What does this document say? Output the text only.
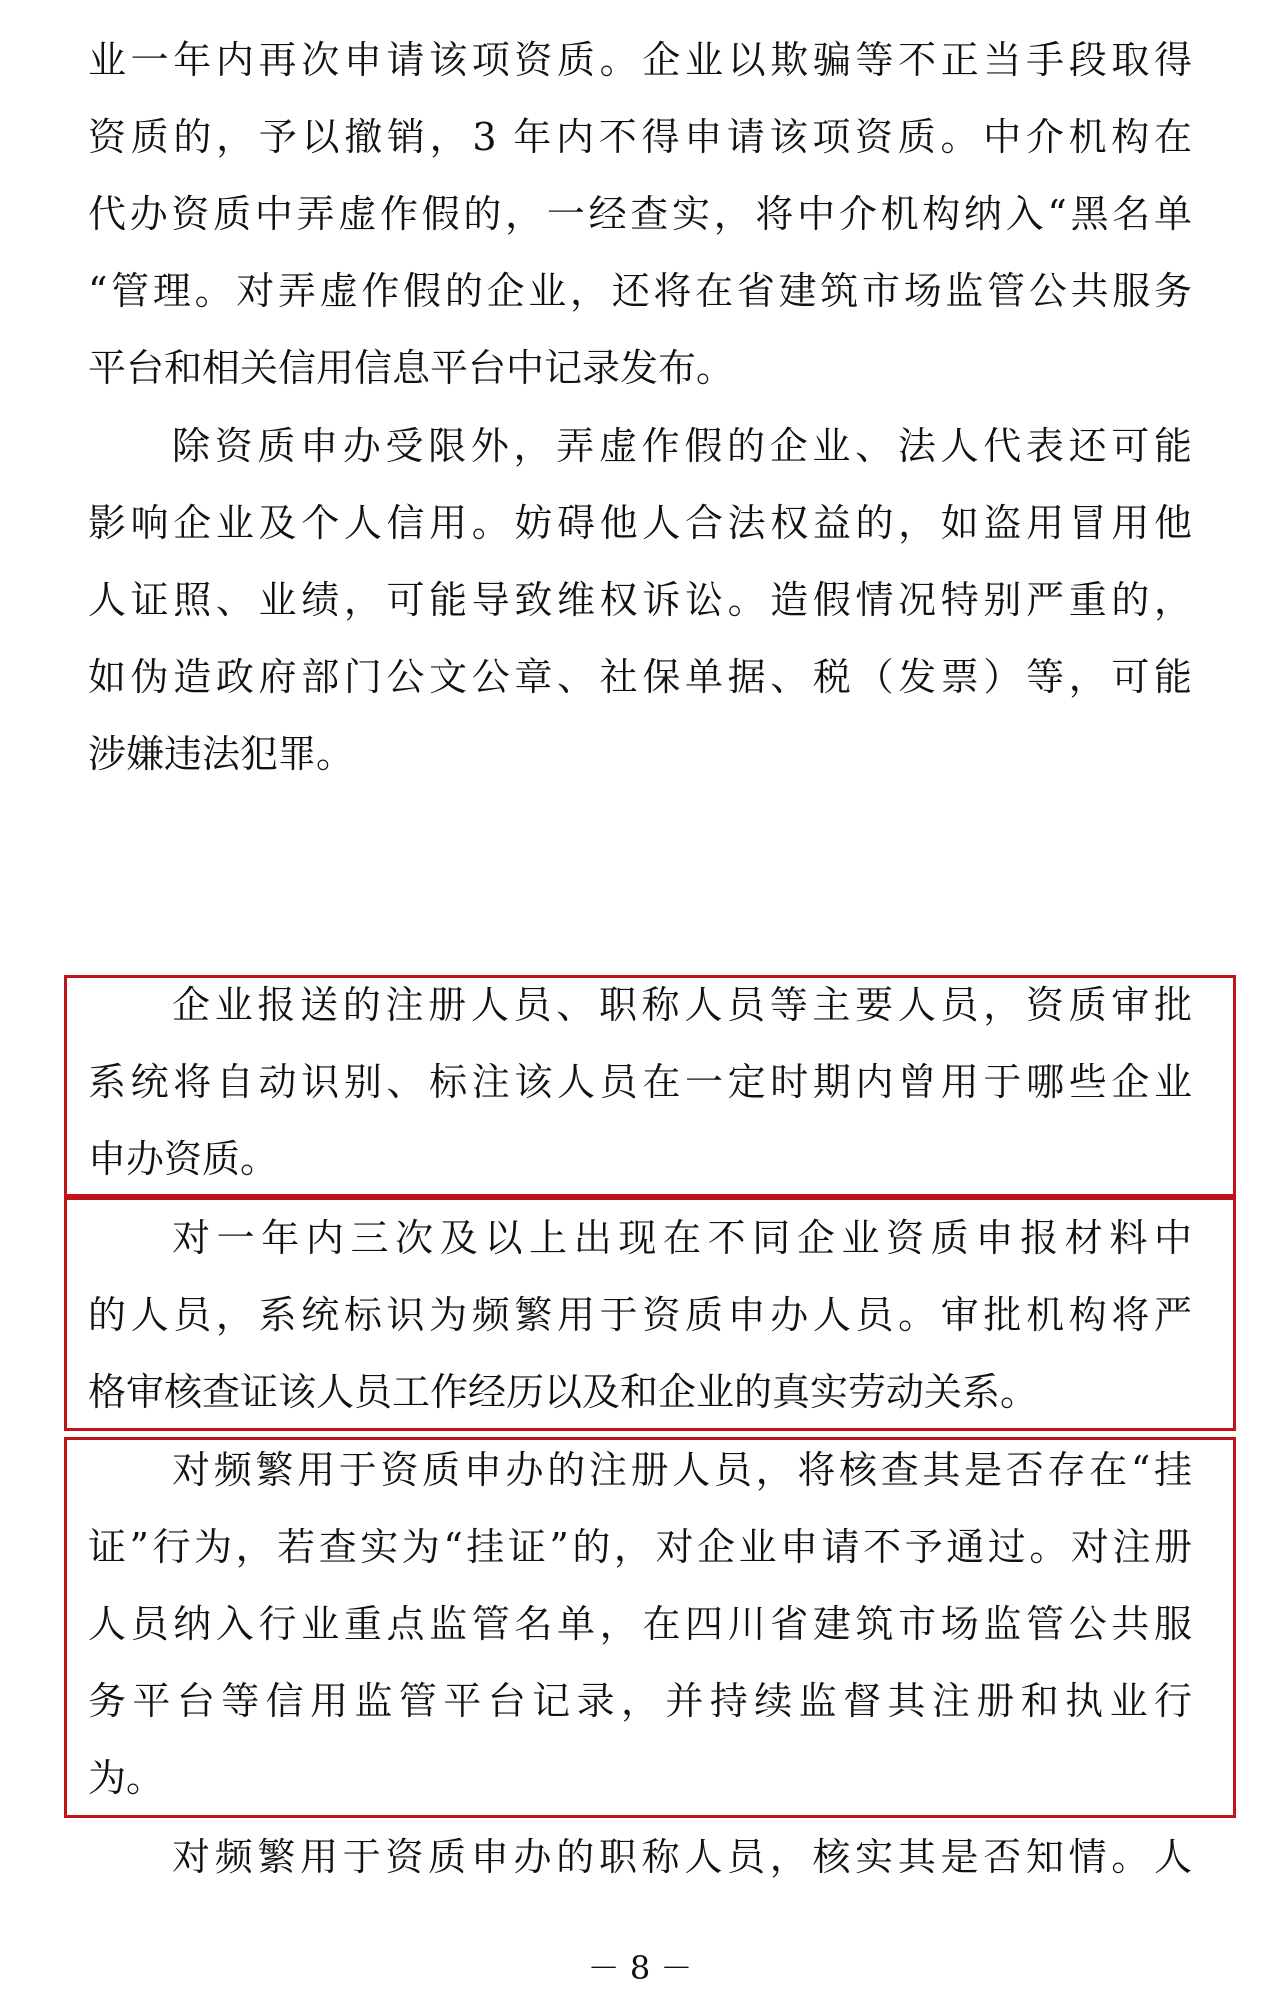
业一年内再次申请该项资质。企业以欺骗等不正当手段取得
资质的，予以撤销，3 年内不得申请该项资质。中介机构在
代办资质中弄虚作假的，一经查实，将中介机构纳入“黑名单
“管理。对弄虚作假的企业，还将在省建筑市场监管公共服务
平台和相关信用信息平台中记录发布。
除资质申办受限外，弄虚作假的企业、法人代表还可能
影响企业及个人信用。妨碍他人合法权益的，如盗用冒用他
人证照、业绩，可能导致维权诉讼。造假情况特别严重的，
如伪造政府部门公文公章、社保单据、税（发票）等，可能
涉嫌违法犯罪。
企业报送的注册人员、职称人员等主要人员，资质审批
系统将自动识别、标注该人员在一定时期内曾用于哪些企业
申办资质。
对一年内三次及以上出现在不同企业资质申报材料中
的人员，系统标识为频繁用于资质申办人员。审批机构将严
格审核查证该人员工作经历以及和企业的真实劳动关系。
对频繁用于资质申办的注册人员，将核查其是否存在“挂
证”行为，若查实为“挂证”的，对企业申请不予通过。对注册
人员纳入行业重点监管名单，在四川省建筑市场监管公共服
务平台等信用监管平台记录，并持续监督其注册和执业行
为。
对频繁用于资质申办的职称人员，核实其是否知情。人
－ 8 －
